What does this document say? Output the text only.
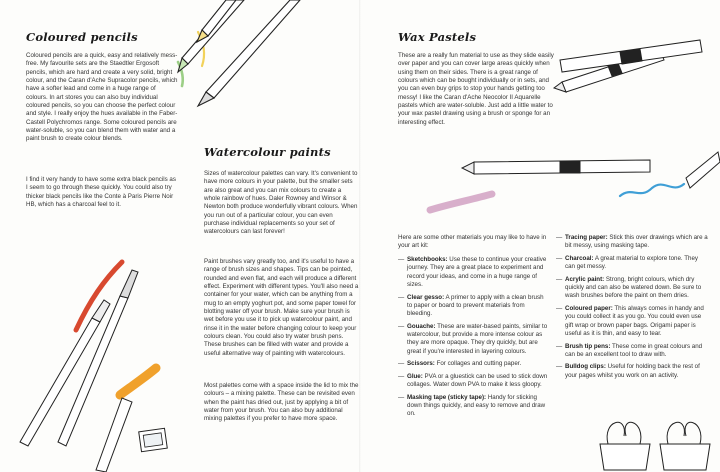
Coloured pencils

Coloured pencils are a quick, easy and relatively mess-free. My favourite sets are the Staedtler Ergosoft pencils, which are hard and create a very solid, bright colour, and the Caran d'Ache Supracolor pencils, which have a softer lead and come in a huge range of colours. In art stores you can also buy individual coloured pencils, so you can choose the perfect colour and style. I really enjoy the hues available in the Faber-Castell Polychromos range. Some coloured pencils are water-soluble, so you can blend them with water and a paint brush to create colour blends.

I find it very handy to have some extra black pencils as I seem to go through these quickly. You could also try thicker black pencils like the Conte à Paris Pierre Noir HB, which has a charcoal feel to it.

Watercolour paints

Sizes of watercolour palettes can vary. It's convenient to have more colours in your palette, but the smaller sets are also great and you can mix colours to create a whole rainbow of hues. Daler Rowney and Winsor & Newton both produce wonderfully vibrant colours. When you run out of a particular colour, you can even purchase individual replacements so your set of watercolours can last forever!

Paint brushes vary greatly too, and it's useful to have a range of brush sizes and shapes. Tips can be pointed, rounded and even flat, and each will produce a different effect. Experiment with different types. You'll also need a container for your water, which can be anything from a mug to an empty yoghurt pot, and some paper towel for blotting water off your brush. Make sure your brush is wet before you use it to pick up watercolour paint, and rinse it in the water before changing colour to keep your colours clean. You could also try water brush pens. These brushes can be filled with water and provide a useful alternative way of painting with watercolours.

Most palettes come with a space inside the lid to mix the colours – a mixing palette. These can be revisited even when the paint has dried out, just by applying a bit of water from your brush. You can also buy additional mixing palettes if you prefer to have more space.

Wax Pastels

These are a really fun material to use as they slide easily over paper and you can cover large areas quickly when using them on their sides. There is a great range of colours which can be bought individually or in sets, and you can even buy grips to stop your hands getting too messy! I like the Caran d'Ache Neocolor II Aquarelle pastels which are water-soluble. Just add a little water to your wax pastel drawing using a brush or sponge for an interesting effect.

Here are some other materials you may like to have in your art kit:

— Sketchbooks: Use these to continue your creative journey. They are a great place to experiment and record your ideas, and come in a huge range of sizes.
— Clear gesso: A primer to apply with a clean brush to paper or board to prevent materials from bleeding.
— Gouache: These are water-based paints, similar to watercolour, but provide a more intense colour as they are more opaque. They dry quickly, but are great if you're interested in layering colours.
— Scissors: For collages and cutting paper.
— Glue: PVA or a gluestick can be used to stick down collages. Water down PVA to make it less gloopy.
— Masking tape (sticky tape): Handy for sticking down things quickly, and easy to remove and draw on.
— Tracing paper: Stick this over drawings which are a bit messy, using masking tape.
— Charcoal: A great material to explore tone. They can get messy.
— Acrylic paint: Strong, bright colours, which dry quickly and can also be watered down. Be sure to wash brushes before the paint on them dries.
— Coloured paper: This always comes in handy and you could collect it as you go. You could even use gift wrap or brown paper bags. Origami paper is useful as it is thin, and easy to tear.
— Brush tip pens: These come in great colours and can be an excellent tool to draw with.
— Bulldog clips: Useful for holding back the rest of your pages whilst you work on an activity.
